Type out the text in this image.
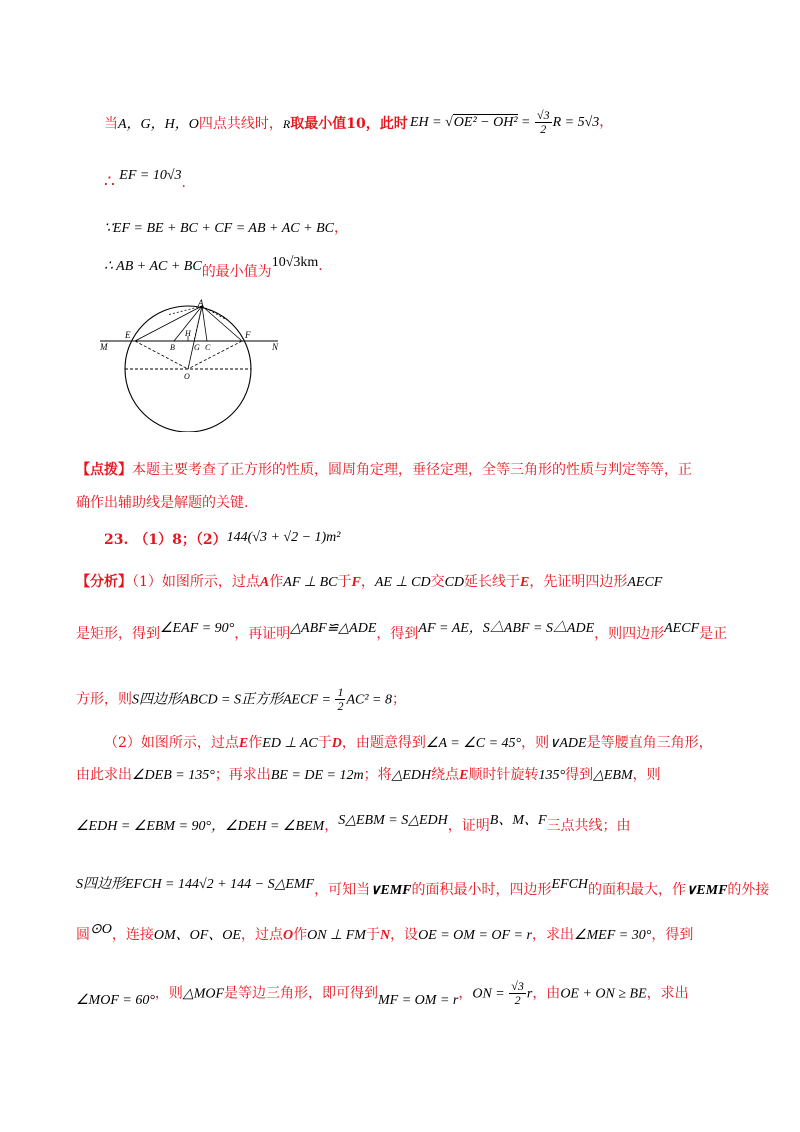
当A，G，H，O四点共线时，R取最小值10，此时 EH = $√OE^2 - OH^2 = \frac{√3}{2}$ R = 5√3，
∴ EF = 10√3.
∵EF = BE + BC + CF = AB + AC + BC，
∴ AB + AC + BC的最小值为10√3km.
A
E	F
M	N
B
H
G C
O
【点拨】本题主要考查了正方形的性质，圆周角定理，垂径定理，全等三角形的性质与判定等等，正
确作出辅助线是解题的关键.
23. （1）8；（2）144(√3 + √2 − 1)m²
【分析】（1）如图所示，过点A作AF ⊥ BC于F，AE ⊥ CD交CD延长线于E，先证明四边形AECF
是矩形，得到∠EAF = 90°，再证明△ABF≌△ADE，得到AF = AE，S△ABF = S△ADE，则四边形AECF是正
方形，则S四边形ABCD = S正方形AECF = $\frac{1}{2} AC^2 = 8$；
（2）如图所示，过点E作ED ⊥ AC于D，由题意得到∠A = ∠C = 45°，则∨ADE是等腰直角三角形，
由此求出∠DEB = 135°；再求出BE = DE = 12m；将△EDH绕点E顺时针旋转135°得到△EBM，则
∠EDH = ∠EBM = 90°，∠DEH = ∠BEM，S△EBM = S△EDH，证明B、M、F三点共线；由
S四边形EFCH = 144√2 + 144 − S△EMF，可知当∨EMF的面积最小时，四边形EFCH的面积最大，作∨EMF的外接
圆⊙O，连接OM、OF、OE，过点O作ON ⊥ FM于N，设OE = OM = OF = r，求出∠MEF = 30°，得到
∠MOF = 60°，则△MOF是等边三角形，即可得到MF = OM = r，ON = $\frac{√3}{2}$ r，由OE + ON ≥ BE，求出
